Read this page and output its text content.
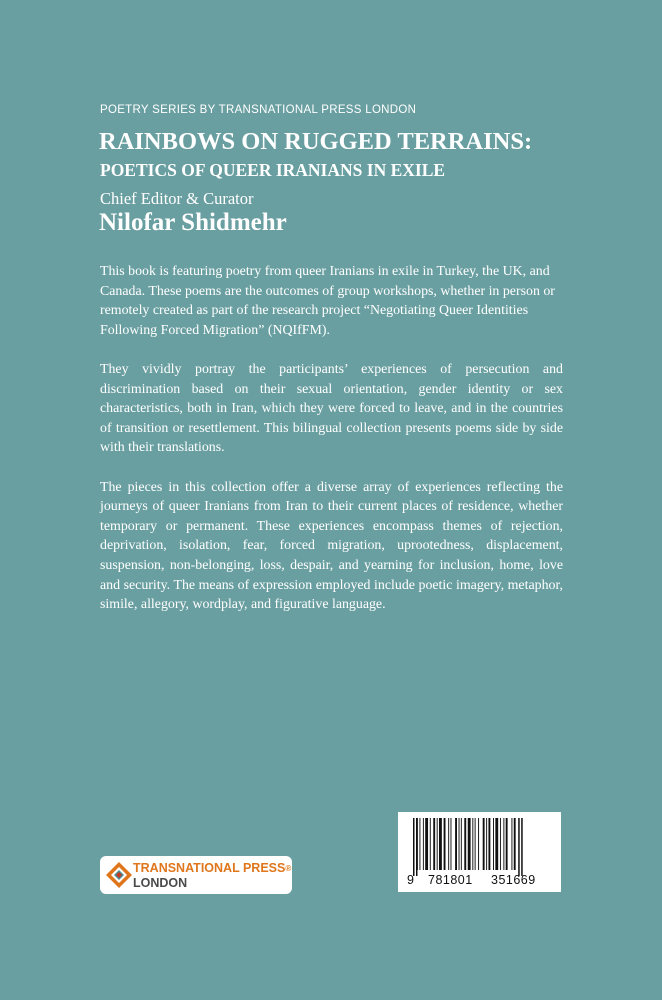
POETRY SERIES BY TRANSNATIONAL PRESS LONDON
RAINBOWS ON RUGGED TERRAINS:
POETICS OF QUEER IRANIANS IN EXILE
Chief Editor & Curator
Nilofar Shidmehr

This book is featuring poetry from queer Iranians in exile in Turkey, the UK, and Canada. These poems are the outcomes of group workshops, whether in person or remotely created as part of the research project “Negotiating Queer Identities Following Forced Migration” (NQIfFM).

They vividly portray the participants’ experiences of persecution and discrimination based on their sexual orientation, gender identity or sex characteristics, both in Iran, which they were forced to leave, and in the countries of transition or resettlement. This bilingual collection presents poems side by side with their translations.

The pieces in this collection offer a diverse array of experiences reflecting the journeys of queer Iranians from Iran to their current places of residence, whether temporary or permanent. These experiences encompass themes of rejection, deprivation, isolation, fear, forced migration, uprootedness, displacement, suspension, non-belonging, loss, despair, and yearning for inclusion, home, love and security. The means of expression employed include poetic imagery, metaphor, simile, allegory, wordplay, and figurative language.

TRANSNATIONAL PRESS®
LONDON	9 781801 351669
